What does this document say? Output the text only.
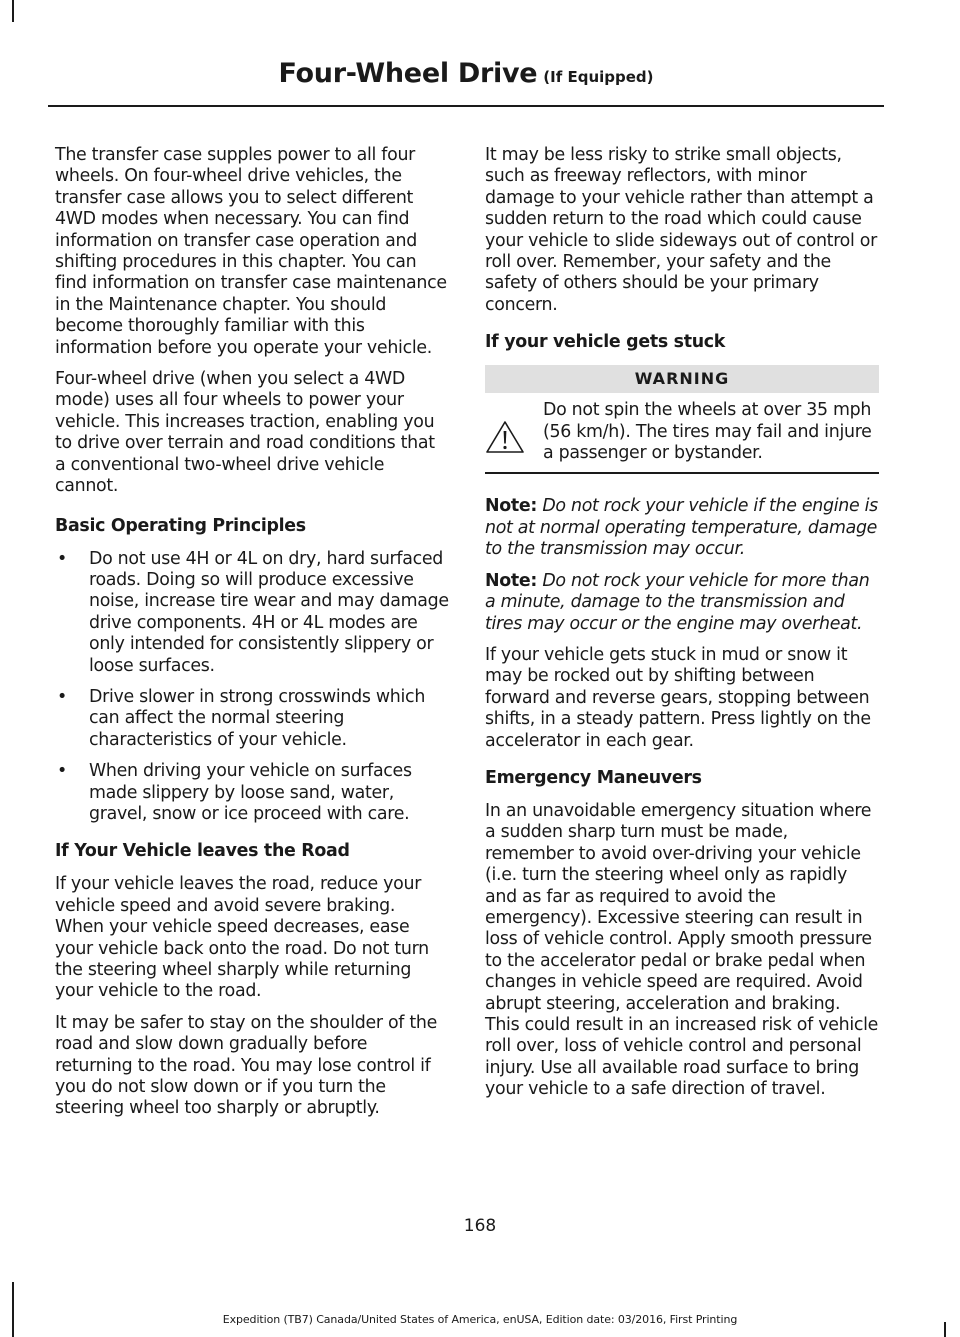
Four-Wheel Drive (If Equipped)

The transfer case supples power to all four wheels. On four-wheel drive vehicles, the transfer case allows you to select different 4WD modes when necessary. You can find information on transfer case operation and shifting procedures in this chapter. You can find information on transfer case maintenance in the Maintenance chapter. You should become thoroughly familiar with this information before you operate your vehicle.

Four-wheel drive (when you select a 4WD mode) uses all four wheels to power your vehicle. This increases traction, enabling you to drive over terrain and road conditions that a conventional two-wheel drive vehicle cannot.

Basic Operating Principles
• Do not use 4H or 4L on dry, hard surfaced roads. Doing so will produce excessive noise, increase tire wear and may damage drive components. 4H or 4L modes are only intended for consistently slippery or loose surfaces.
• Drive slower in strong crosswinds which can affect the normal steering characteristics of your vehicle.
• When driving your vehicle on surfaces made slippery by loose sand, water, gravel, snow or ice proceed with care.
If Your Vehicle leaves the Road

If your vehicle leaves the road, reduce your vehicle speed and avoid severe braking. When your vehicle speed decreases, ease your vehicle back onto the road. Do not turn the steering wheel sharply while returning your vehicle to the road.

It may be safer to stay on the shoulder of the road and slow down gradually before returning to the road. You may lose control if you do not slow down or if you turn the steering wheel too sharply or abruptly.

It may be less risky to strike small objects, such as freeway reflectors, with minor damage to your vehicle rather than attempt a sudden return to the road which could cause your vehicle to slide sideways out of control or roll over. Remember, your safety and the safety of others should be your primary concern.

If your vehicle gets stuck
WARNING
Do not spin the wheels at over 35 mph (56 km/h). The tires may fail and injure a passenger or bystander.

Note: Do not rock your vehicle if the engine is not at normal operating temperature, damage to the transmission may occur.

Note: Do not rock your vehicle for more than a minute, damage to the transmission and tires may occur or the engine may overheat.

If your vehicle gets stuck in mud or snow it may be rocked out by shifting between forward and reverse gears, stopping between shifts, in a steady pattern. Press lightly on the accelerator in each gear.

Emergency Maneuvers

In an unavoidable emergency situation where a sudden sharp turn must be made, remember to avoid over-driving your vehicle (i.e. turn the steering wheel only as rapidly and as far as required to avoid the emergency). Excessive steering can result in loss of vehicle control. Apply smooth pressure to the accelerator pedal or brake pedal when changes in vehicle speed are required. Avoid abrupt steering, acceleration and braking. This could result in an increased risk of vehicle roll over, loss of vehicle control and personal injury. Use all available road surface to bring your vehicle to a safe direction of travel.

168
Expedition (TB7) Canada/United States of America, enUSA, Edition date: 03/2016, First Printing
